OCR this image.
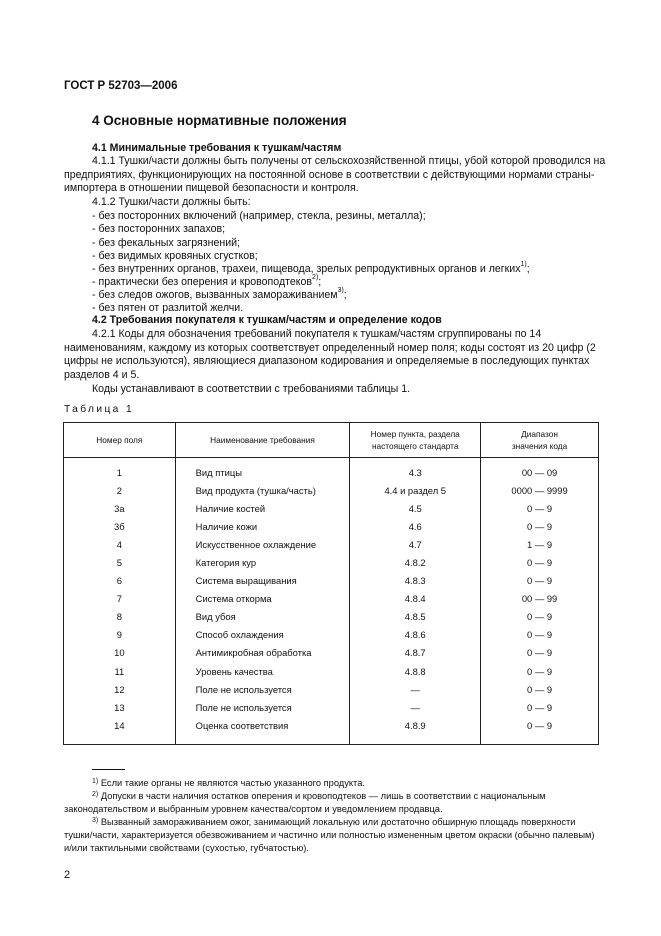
ГОСТ Р 52703—2006
4 Основные нормативные положения
4.1 Минимальные требования к тушкам/частям
4.1.1 Тушки/части должны быть получены от сельскохозяйственной птицы, убой которой проводился на предприятиях, функционирующих на постоянной основе в соответствии с действующими нормами страны-импортера в отношении пищевой безопасности и контроля.
4.1.2 Тушки/части должны быть:
- без посторонних включений (например, стекла, резины, металла);
- без посторонних запахов;
- без фекальных загрязнений;
- без видимых кровяных сгустков;
- без внутренних органов, трахеи, пищевода, зрелых репродуктивных органов и легких$^{1)}$;
- практически без оперения и кровоподтеков$^{2)}$;
- без следов ожогов, вызванных замораживанием$^{3)}$;
- без пятен от разлитой желчи.
4.2 Требования покупателя к тушкам/частям и определение кодов
4.2.1 Коды для обозначения требований покупателя к тушкам/частям сгруппированы по 14 наименованиям, каждому из которых соответствует определенный номер поля; коды состоят из 20 цифр (2 цифры не используются), являющиеся диапазоном кодирования и определяемые в последующих пунктах разделов 4 и 5.
Коды устанавливают в соответствии с требованиями таблицы 1.
Таблица 1
Номер поля	Наименование требования	Номер пункта, раздела настоящего стандарта	Диапазон значения кода

1	Вид птицы	4.3	00 — 09
2	Вид продукта (тушка/часть)	4.4 и раздел 5	0000 — 9999
3а	Наличие костей	4.5	0 — 9
3б	Наличие кожи	4.6	0 — 9
4	Искусственное охлаждение	4.7	1 — 9
5	Категория кур	4.8.2	0 — 9
6	Система выращивания	4.8.3	0 — 9
7	Система откорма	4.8.4	00 — 99
8	Вид убоя	4.8.5	0 — 9
9	Способ охлаждения	4.8.6	0 — 9
10	Антимикробная обработка	4.8.7	0 — 9
11	Уровень качества	4.8.8	0 — 9
12	Поле не используется	—	0 — 9
13	Поле не используется	—	0 — 9
14	Оценка соответствия	4.8.9	0 — 9
$^{1)}$ Если такие органы не являются частью указанного продукта.
$^{2)}$ Допуски в части наличия остатков оперения и кровоподтеков — лишь в соответствии с национальным законодательством и выбранным уровнем качества/сортом и уведомлением продавца.
$^{3)}$ Вызванный замораживанием ожог, занимающий локальную или достаточно обширную площадь поверхности тушки/части, характеризуется обезвоживанием и частично или полностью измененным цветом окраски (обычно палевым) и/или тактильными свойствами (сухостью, губчатостью).
2
